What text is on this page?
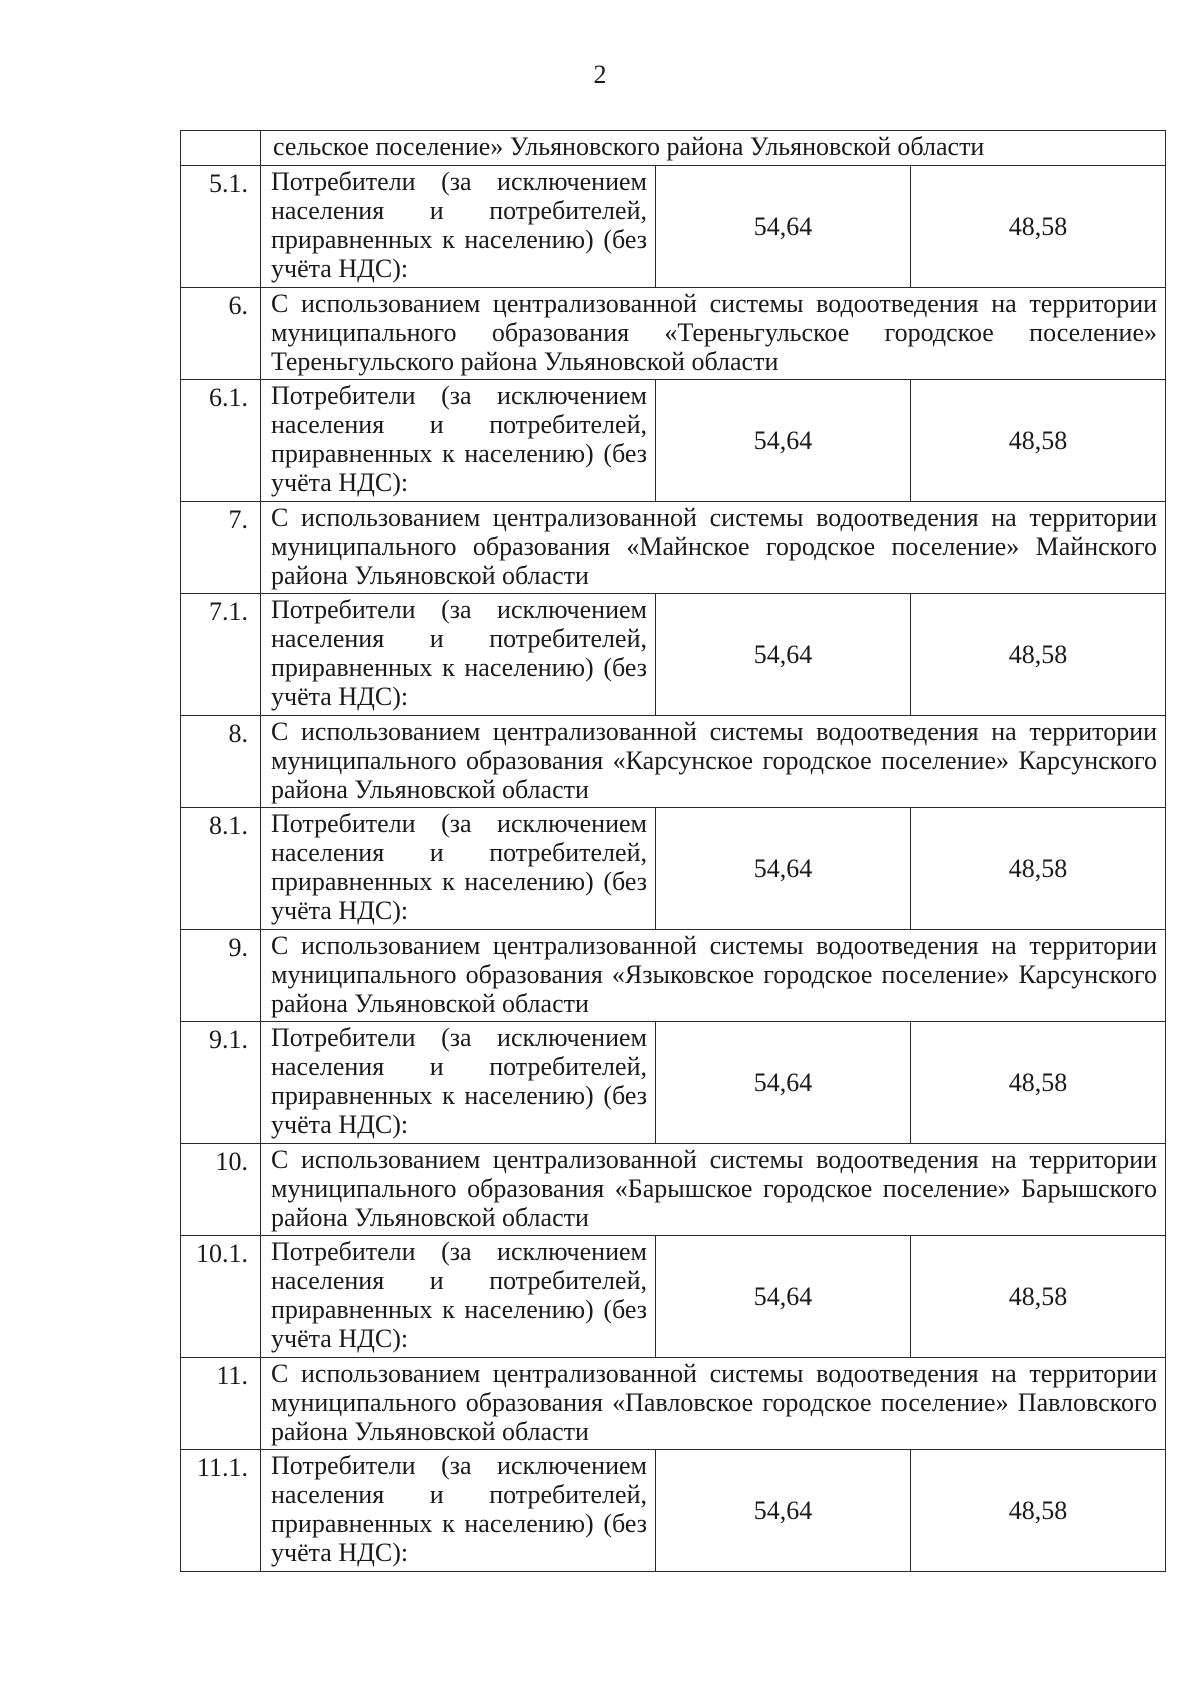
2
	сельское поселение» Ульяновского района Ульяновской области		
5.1.	Потребители (за исключением населения и потребителей, приравненных к населению) (без учёта НДС):	54,64	48,58
6.	С использованием централизованной системы водоотведения на территории муниципального образования «Тереньгульское городское поселение» Тереньгульского района Ульяновской области		
6.1.	Потребители (за исключением населения и потребителей, приравненных к населению) (без учёта НДС):	54,64	48,58
7.	С использованием централизованной системы водоотведения на территории муниципального образования «Майнское городское поселение» Майнского района Ульяновской области		
7.1.	Потребители (за исключением населения и потребителей, приравненных к населению) (без учёта НДС):	54,64	48,58
8.	С использованием централизованной системы водоотведения на территории муниципального образования «Карсунское городское поселение» Карсунского района Ульяновской области		
8.1.	Потребители (за исключением населения и потребителей, приравненных к населению) (без учёта НДС):	54,64	48,58
9.	С использованием централизованной системы водоотведения на территории муниципального образования «Языковское городское поселение» Карсунского района Ульяновской области		
9.1.	Потребители (за исключением населения и потребителей, приравненных к населению) (без учёта НДС):	54,64	48,58
10.	С использованием централизованной системы водоотведения на территории муниципального образования «Барышское городское поселение» Барышского района Ульяновской области		
10.1.	Потребители (за исключением населения и потребителей, приравненных к населению) (без учёта НДС):	54,64	48,58
11.	С использованием централизованной системы водоотведения на территории муниципального образования «Павловское городское поселение» Павловского района Ульяновской области		
11.1.	Потребители (за исключением населения и потребителей, приравненных к населению) (без учёта НДС):	54,64	48,58
